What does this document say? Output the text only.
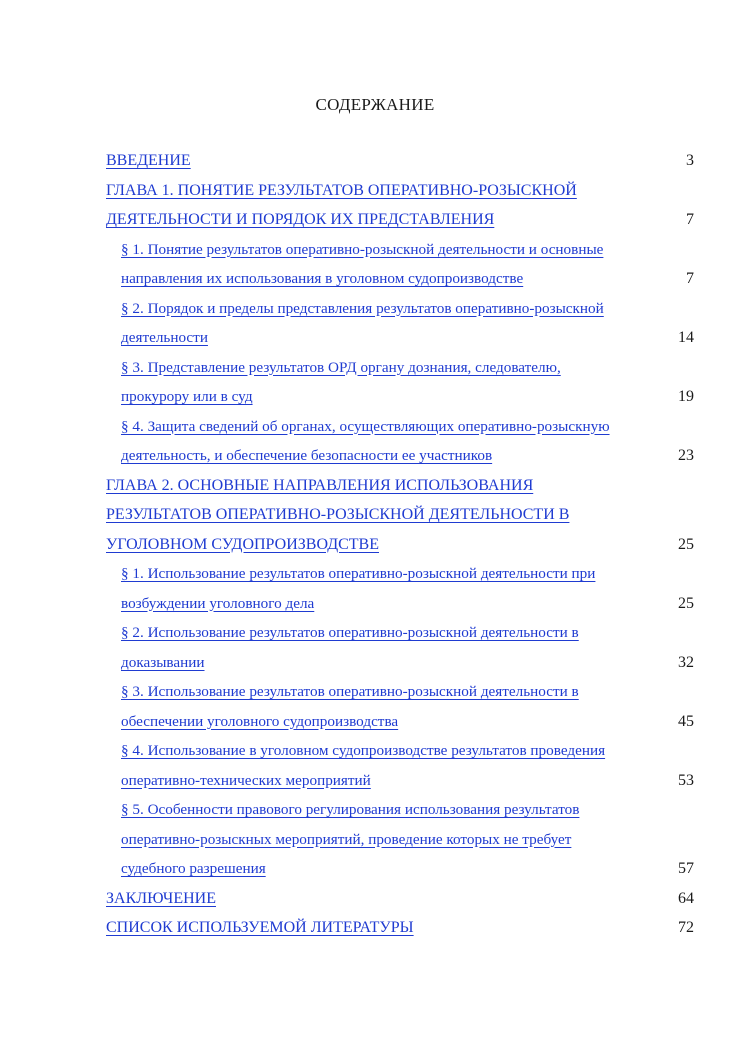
СОДЕРЖАНИЕ
ВВЕДЕНИЕ	3
ГЛАВА 1. ПОНЯТИЕ РЕЗУЛЬТАТОВ ОПЕРАТИВНО-РОЗЫСКНОЙ
ДЕЯТЕЛЬНОСТИ И ПОРЯДОК ИХ ПРЕДСТАВЛЕНИЯ	7
§ 1. Понятие результатов оперативно-розыскной деятельности и основные
направления их использования в уголовном судопроизводстве	7
§ 2. Порядок и пределы представления результатов оперативно-розыскной
деятельности	14
§ 3. Представление результатов ОРД органу дознания, следователю,
прокурору или в суд	19
§ 4. Защита сведений об органах, осуществляющих оперативно-розыскную
деятельность, и обеспечение безопасности ее участников	23
ГЛАВА 2. ОСНОВНЫЕ НАПРАВЛЕНИЯ ИСПОЛЬЗОВАНИЯ
РЕЗУЛЬТАТОВ ОПЕРАТИВНО-РОЗЫСКНОЙ ДЕЯТЕЛЬНОСТИ В
УГОЛОВНОМ СУДОПРОИЗВОДСТВЕ	25
§ 1. Использование результатов оперативно-розыскной деятельности при
возбуждении уголовного дела	25
§ 2. Использование результатов оперативно-розыскной деятельности в
доказывании	32
§ 3. Использование результатов оперативно-розыскной деятельности в
обеспечении уголовного судопроизводства	45
§ 4. Использование в уголовном судопроизводстве результатов проведения
оперативно-технических мероприятий	53
§ 5. Особенности правового регулирования использования результатов
оперативно-розыскных мероприятий, проведение которых не требует
судебного разрешения	57
ЗАКЛЮЧЕНИЕ	64
СПИСОК ИСПОЛЬЗУЕМОЙ ЛИТЕРАТУРЫ	72
